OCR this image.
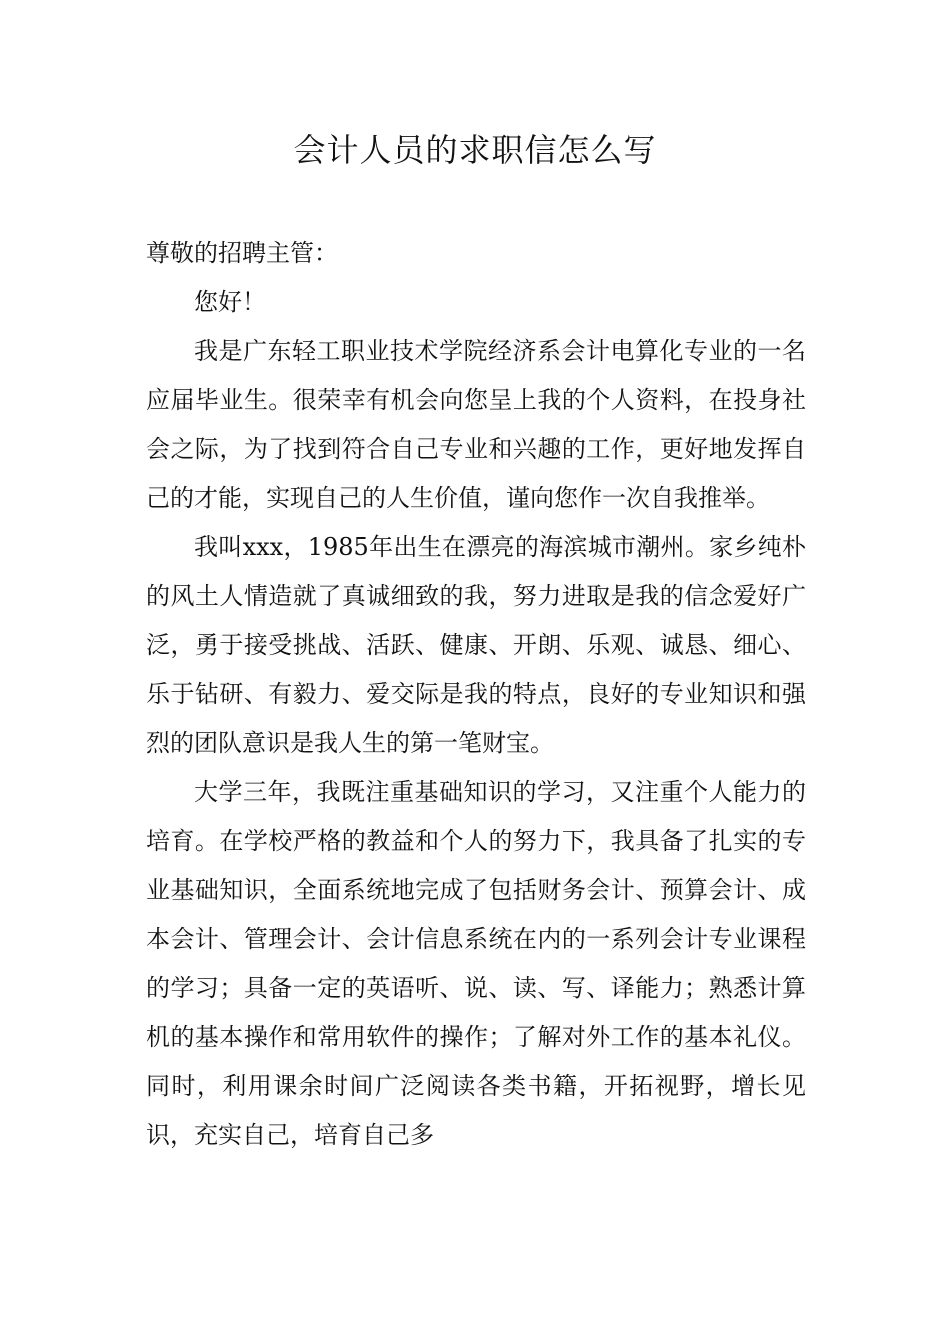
会计人员的求职信怎么写

尊敬的招聘主管：

您好！

我是广东轻工职业技术学院经济系会计电算化专业的一名应届毕业生。很荣幸有机会向您呈上我的个人资料，在投身社会之际，为了找到符合自己专业和兴趣的工作，更好地发挥自己的才能，实现自己的人生价值，谨向您作一次自我推举。

我叫xxx，1985年出生在漂亮的海滨城市潮州。家乡纯朴的风土人情造就了真诚细致的我，努力进取是我的信念爱好广泛，勇于接受挑战、活跃、健康、开朗、乐观、诚恳、细心、乐于钻研、有毅力、爱交际是我的特点，良好的专业知识和强烈的团队意识是我人生的第一笔财宝。

大学三年，我既注重基础知识的学习，又注重个人能力的培育。在学校严格的教益和个人的努力下，我具备了扎实的专业基础知识，全面系统地完成了包括财务会计、预算会计、成本会计、管理会计、会计信息系统在内的一系列会计专业课程的学习；具备一定的英语听、说、读、写、译能力；熟悉计算机的基本操作和常用软件的操作；了解对外工作的基本礼仪。同时，利用课余时间广泛阅读各类书籍，开拓视野，增长见识，充实自己，培育自己多
